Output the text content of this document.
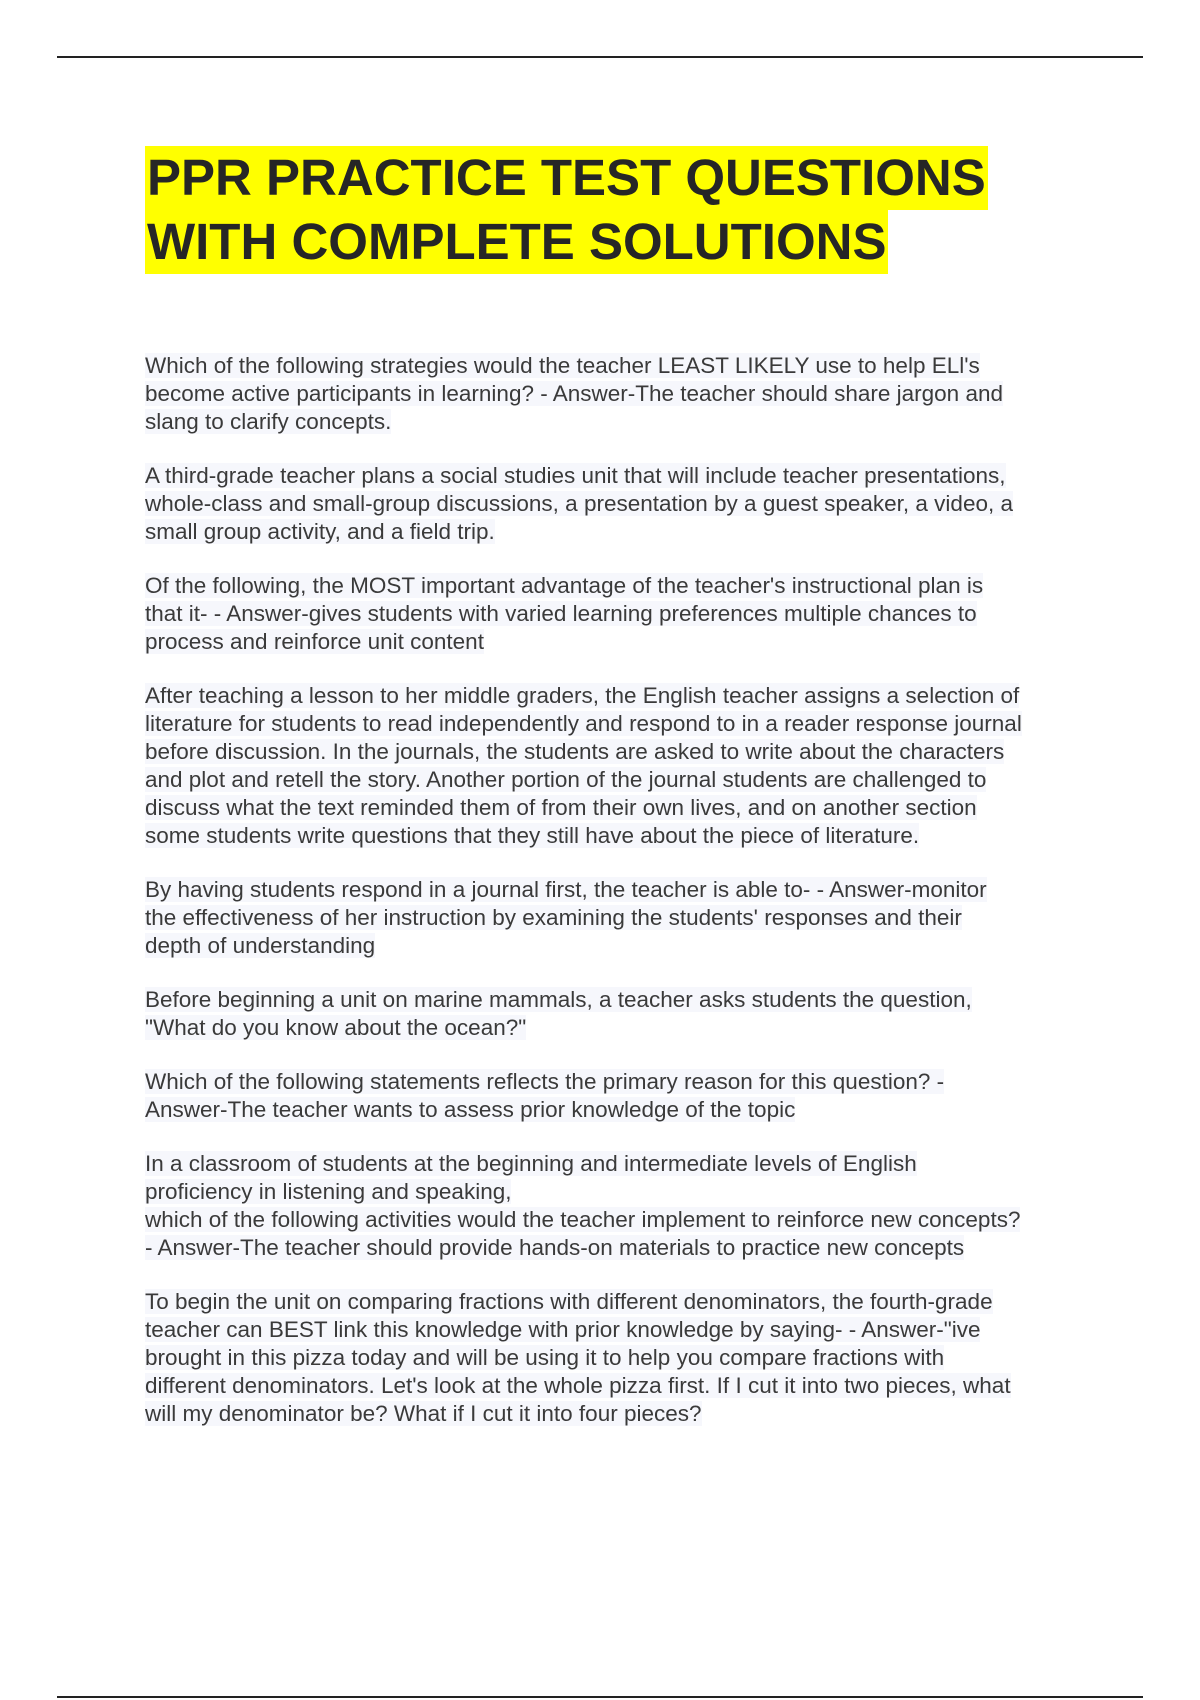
PPR PRACTICE TEST QUESTIONS
WITH COMPLETE SOLUTIONS

Which of the following strategies would the teacher LEAST LIKELY use to help ELl's
become active participants in learning? - Answer-The teacher should share jargon and
slang to clarify concepts.

A third-grade teacher plans a social studies unit that will include teacher presentations,
whole-class and small-group discussions, a presentation by a guest speaker, a video, a
small group activity, and a field trip.

Of the following, the MOST important advantage of the teacher's instructional plan is
that it- - Answer-gives students with varied learning preferences multiple chances to
process and reinforce unit content

After teaching a lesson to her middle graders, the English teacher assigns a selection of
literature for students to read independently and respond to in a reader response journal
before discussion. In the journals, the students are asked to write about the characters
and plot and retell the story. Another portion of the journal students are challenged to
discuss what the text reminded them of from their own lives, and on another section
some students write questions that they still have about the piece of literature.

By having students respond in a journal first, the teacher is able to- - Answer-monitor
the effectiveness of her instruction by examining the students' responses and their
depth of understanding

Before beginning a unit on marine mammals, a teacher asks students the question,
"What do you know about the ocean?"

Which of the following statements reflects the primary reason for this question? -
Answer-The teacher wants to assess prior knowledge of the topic

In a classroom of students at the beginning and intermediate levels of English
proficiency in listening and speaking,
which of the following activities would the teacher implement to reinforce new concepts?
- Answer-The teacher should provide hands-on materials to practice new concepts

To begin the unit on comparing fractions with different denominators, the fourth-grade
teacher can BEST link this knowledge with prior knowledge by saying- - Answer-"ive
brought in this pizza today and will be using it to help you compare fractions with
different denominators. Let's look at the whole pizza first. If I cut it into two pieces, what
will my denominator be? What if I cut it into four pieces?
